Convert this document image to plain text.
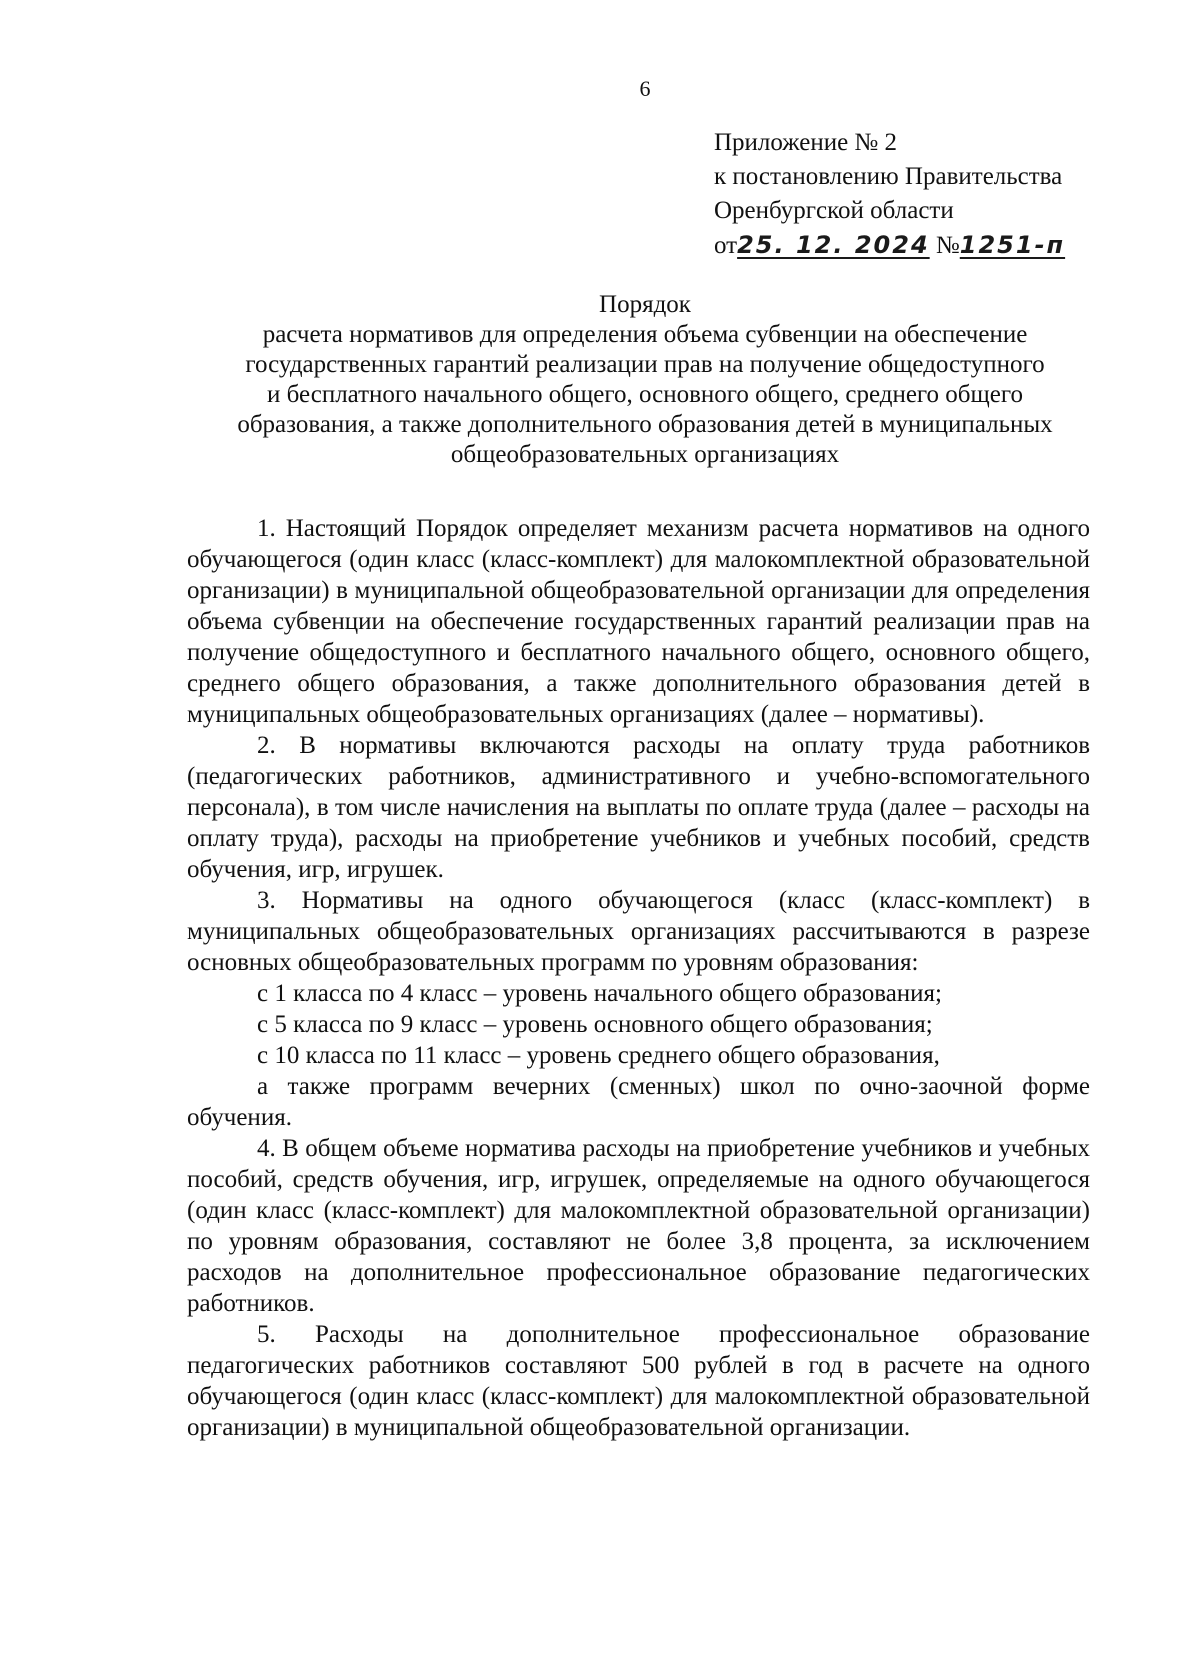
6
Приложение № 2
к постановлению Правительства
Оренбургской области
от25. 12. 2024 №1251-п
Порядок
расчета нормативов для определения объема субвенции на обеспечение
государственных гарантий реализации прав на получение общедоступного
и бесплатного начального общего, основного общего, среднего общего
образования, а также дополнительного образования детей в муниципальных
общеобразовательных организациях

1. Настоящий Порядок определяет механизм расчета нормативов на одного обучающегося (один класс (класс-комплект) для малокомплектной образовательной организации) в муниципальной общеобразовательной организации для определения объема субвенции на обеспечение государственных гарантий реализации прав на получение общедоступного и бесплатного начального общего, основного общего, среднего общего образования, а также дополнительного образования детей в муниципальных общеобразовательных организациях (далее – нормативы).

2. В нормативы включаются расходы на оплату труда работников (педагогических работников, административного и учебно-вспомогательного персонала), в том числе начисления на выплаты по оплате труда (далее – расходы на оплату труда), расходы на приобретение учебников и учебных пособий, средств обучения, игр, игрушек.

3. Нормативы на одного обучающегося (класс (класс-комплект) в муниципальных общеобразовательных организациях рассчитываются в разрезе основных общеобразовательных программ по уровням образования:

с 1 класса по 4 класс – уровень начального общего образования;

с 5 класса по 9 класс – уровень основного общего образования;

с 10 класса по 11 класс – уровень среднего общего образования,

а также программ вечерних (сменных) школ по очно-заочной форме обучения.

4. В общем объеме норматива расходы на приобретение учебников и учебных пособий, средств обучения, игр, игрушек, определяемые на одного обучающегося (один класс (класс-комплект) для малокомплектной образовательной организации) по уровням образования, составляют не более 3,8 процента, за исключением расходов на дополнительное профессиональное образование педагогических работников.

5. Расходы на дополнительное профессиональное образование педагогических работников составляют 500 рублей в год в расчете на одного обучающегося (один класс (класс-комплект) для малокомплектной образовательной организации) в муниципальной общеобразовательной организации.
